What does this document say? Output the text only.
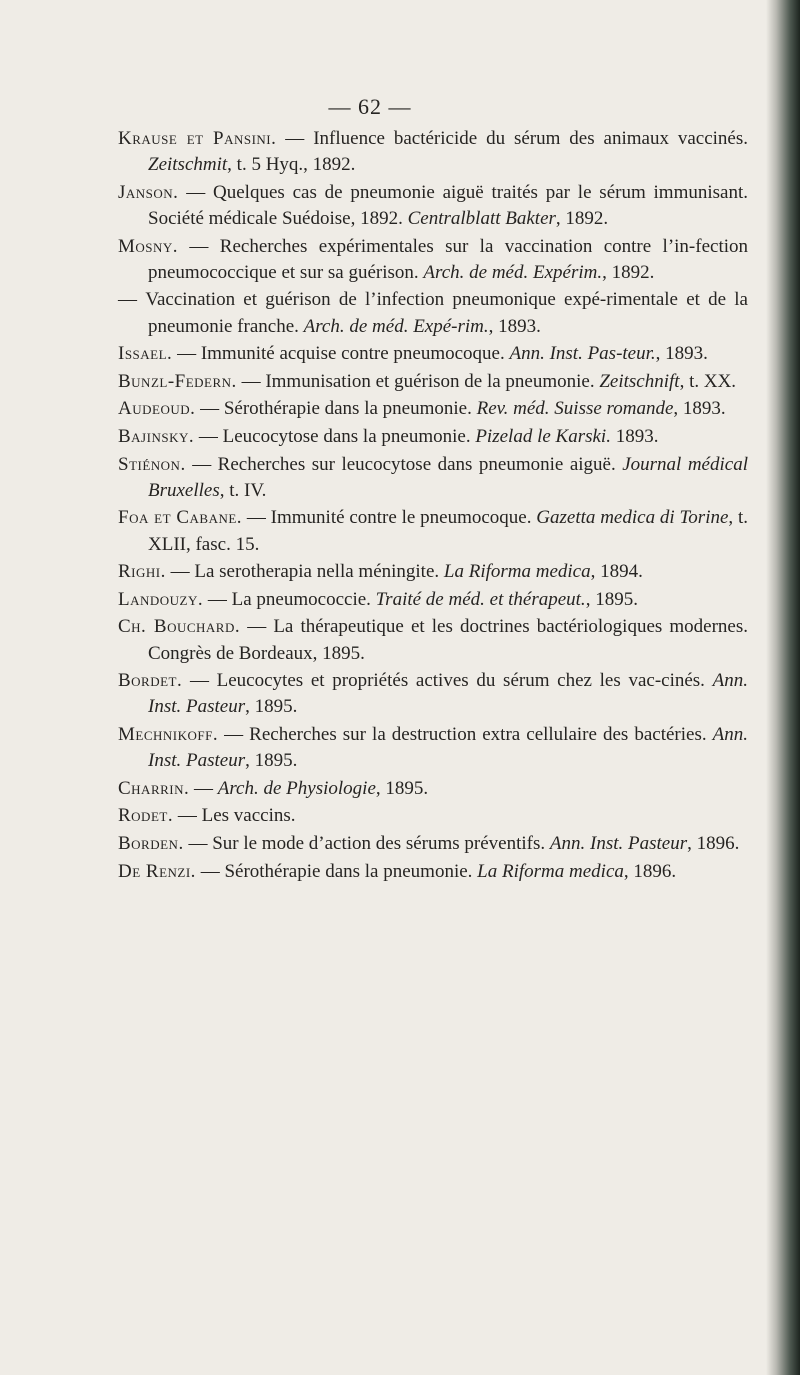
— 62 —

Krause et Pansini. — Influence bactéricide du sérum des animaux vaccinés. Zeitschmit, t. 5 Hyq., 1892.

Janson. — Quelques cas de pneumonie aiguë traités par le sérum immunisant. Société médicale Suédoise, 1892. Centralblatt Bakter, 1892.

Mosny. — Recherches expérimentales sur la vaccination contre l’in-fection pneumococcique et sur sa guérison. Arch. de méd. Expérim., 1892.

— Vaccination et guérison de l’infection pneumonique expé-rimentale et de la pneumonie franche. Arch. de méd. Expé-rim., 1893.

Issael. — Immunité acquise contre pneumocoque. Ann. Inst. Pas-teur., 1893.

Bunzl-Federn. — Immunisation et guérison de la pneumonie. Zeitschnift, t. XX.

Audeoud. — Sérothérapie dans la pneumonie. Rev. méd. Suisse romande, 1893.

Bajinsky. — Leucocytose dans la pneumonie. Pizelad le Karski. 1893.

Stiénon. — Recherches sur leucocytose dans pneumonie aiguë. Journal médical Bruxelles, t. IV.

Foa et Cabane. — Immunité contre le pneumocoque. Gazetta medica di Torine, t. XLII, fasc. 15.

Righi. — La serotherapia nella méningite. La Riforma medica, 1894.

Landouzy. — La pneumococcie. Traité de méd. et thérapeut., 1895.

Ch. Bouchard. — La thérapeutique et les doctrines bactériologiques modernes. Congrès de Bordeaux, 1895.

Bordet. — Leucocytes et propriétés actives du sérum chez les vac-cinés. Ann. Inst. Pasteur, 1895.

Mechnikoff. — Recherches sur la destruction extra cellulaire des bactéries. Ann. Inst. Pasteur, 1895.

Charrin. — Arch. de Physiologie, 1895.

Rodet. — Les vaccins.

Borden. — Sur le mode d’action des sérums préventifs. Ann. Inst. Pasteur, 1896.

De Renzi. — Sérothérapie dans la pneumonie. La Riforma medica, 1896.
